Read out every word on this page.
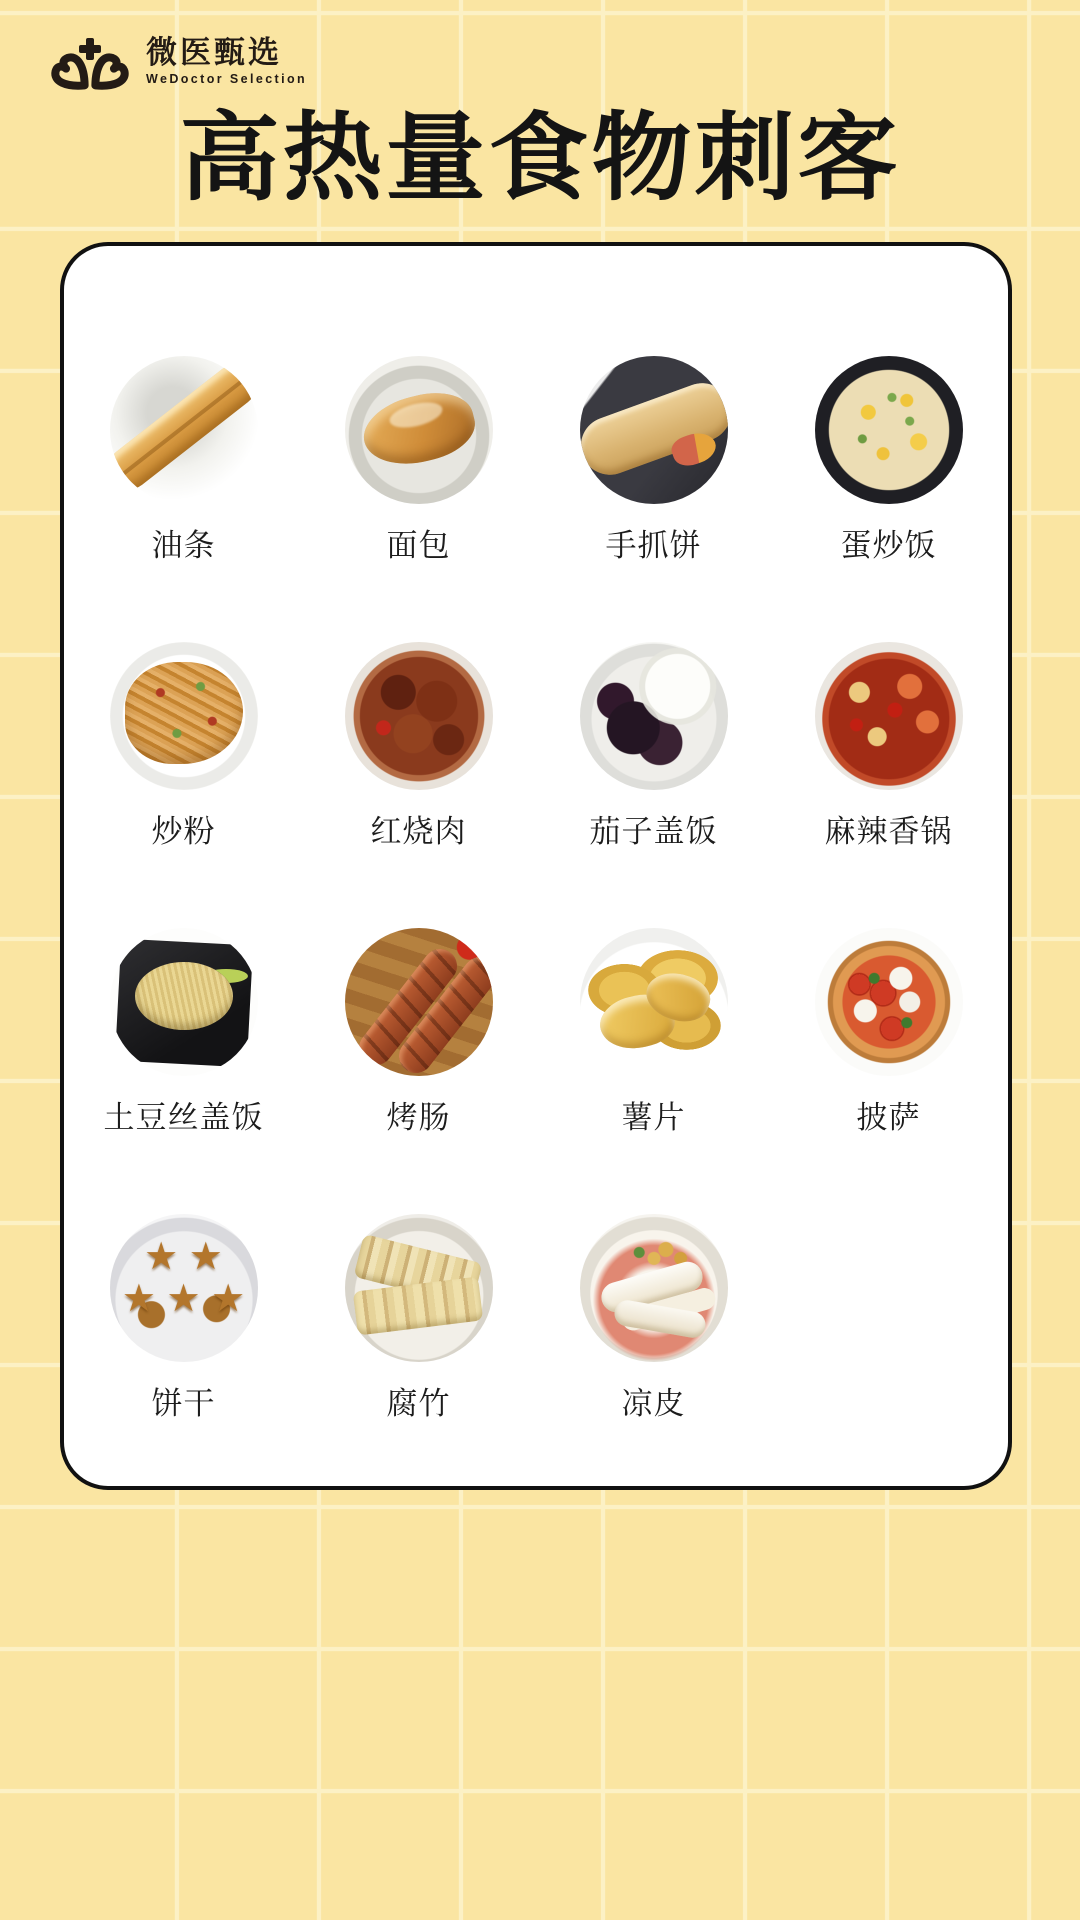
微医甄选
WeDoctor Selection
高热量食物刺客
油条	面包	手抓饼	蛋炒饭
炒粉	红烧肉	茄子盖饭	麻辣香锅
土豆丝盖饭	烤肠	薯片	披萨
★ ★ ★ ★ ★
饼干	腐竹	凉皮
